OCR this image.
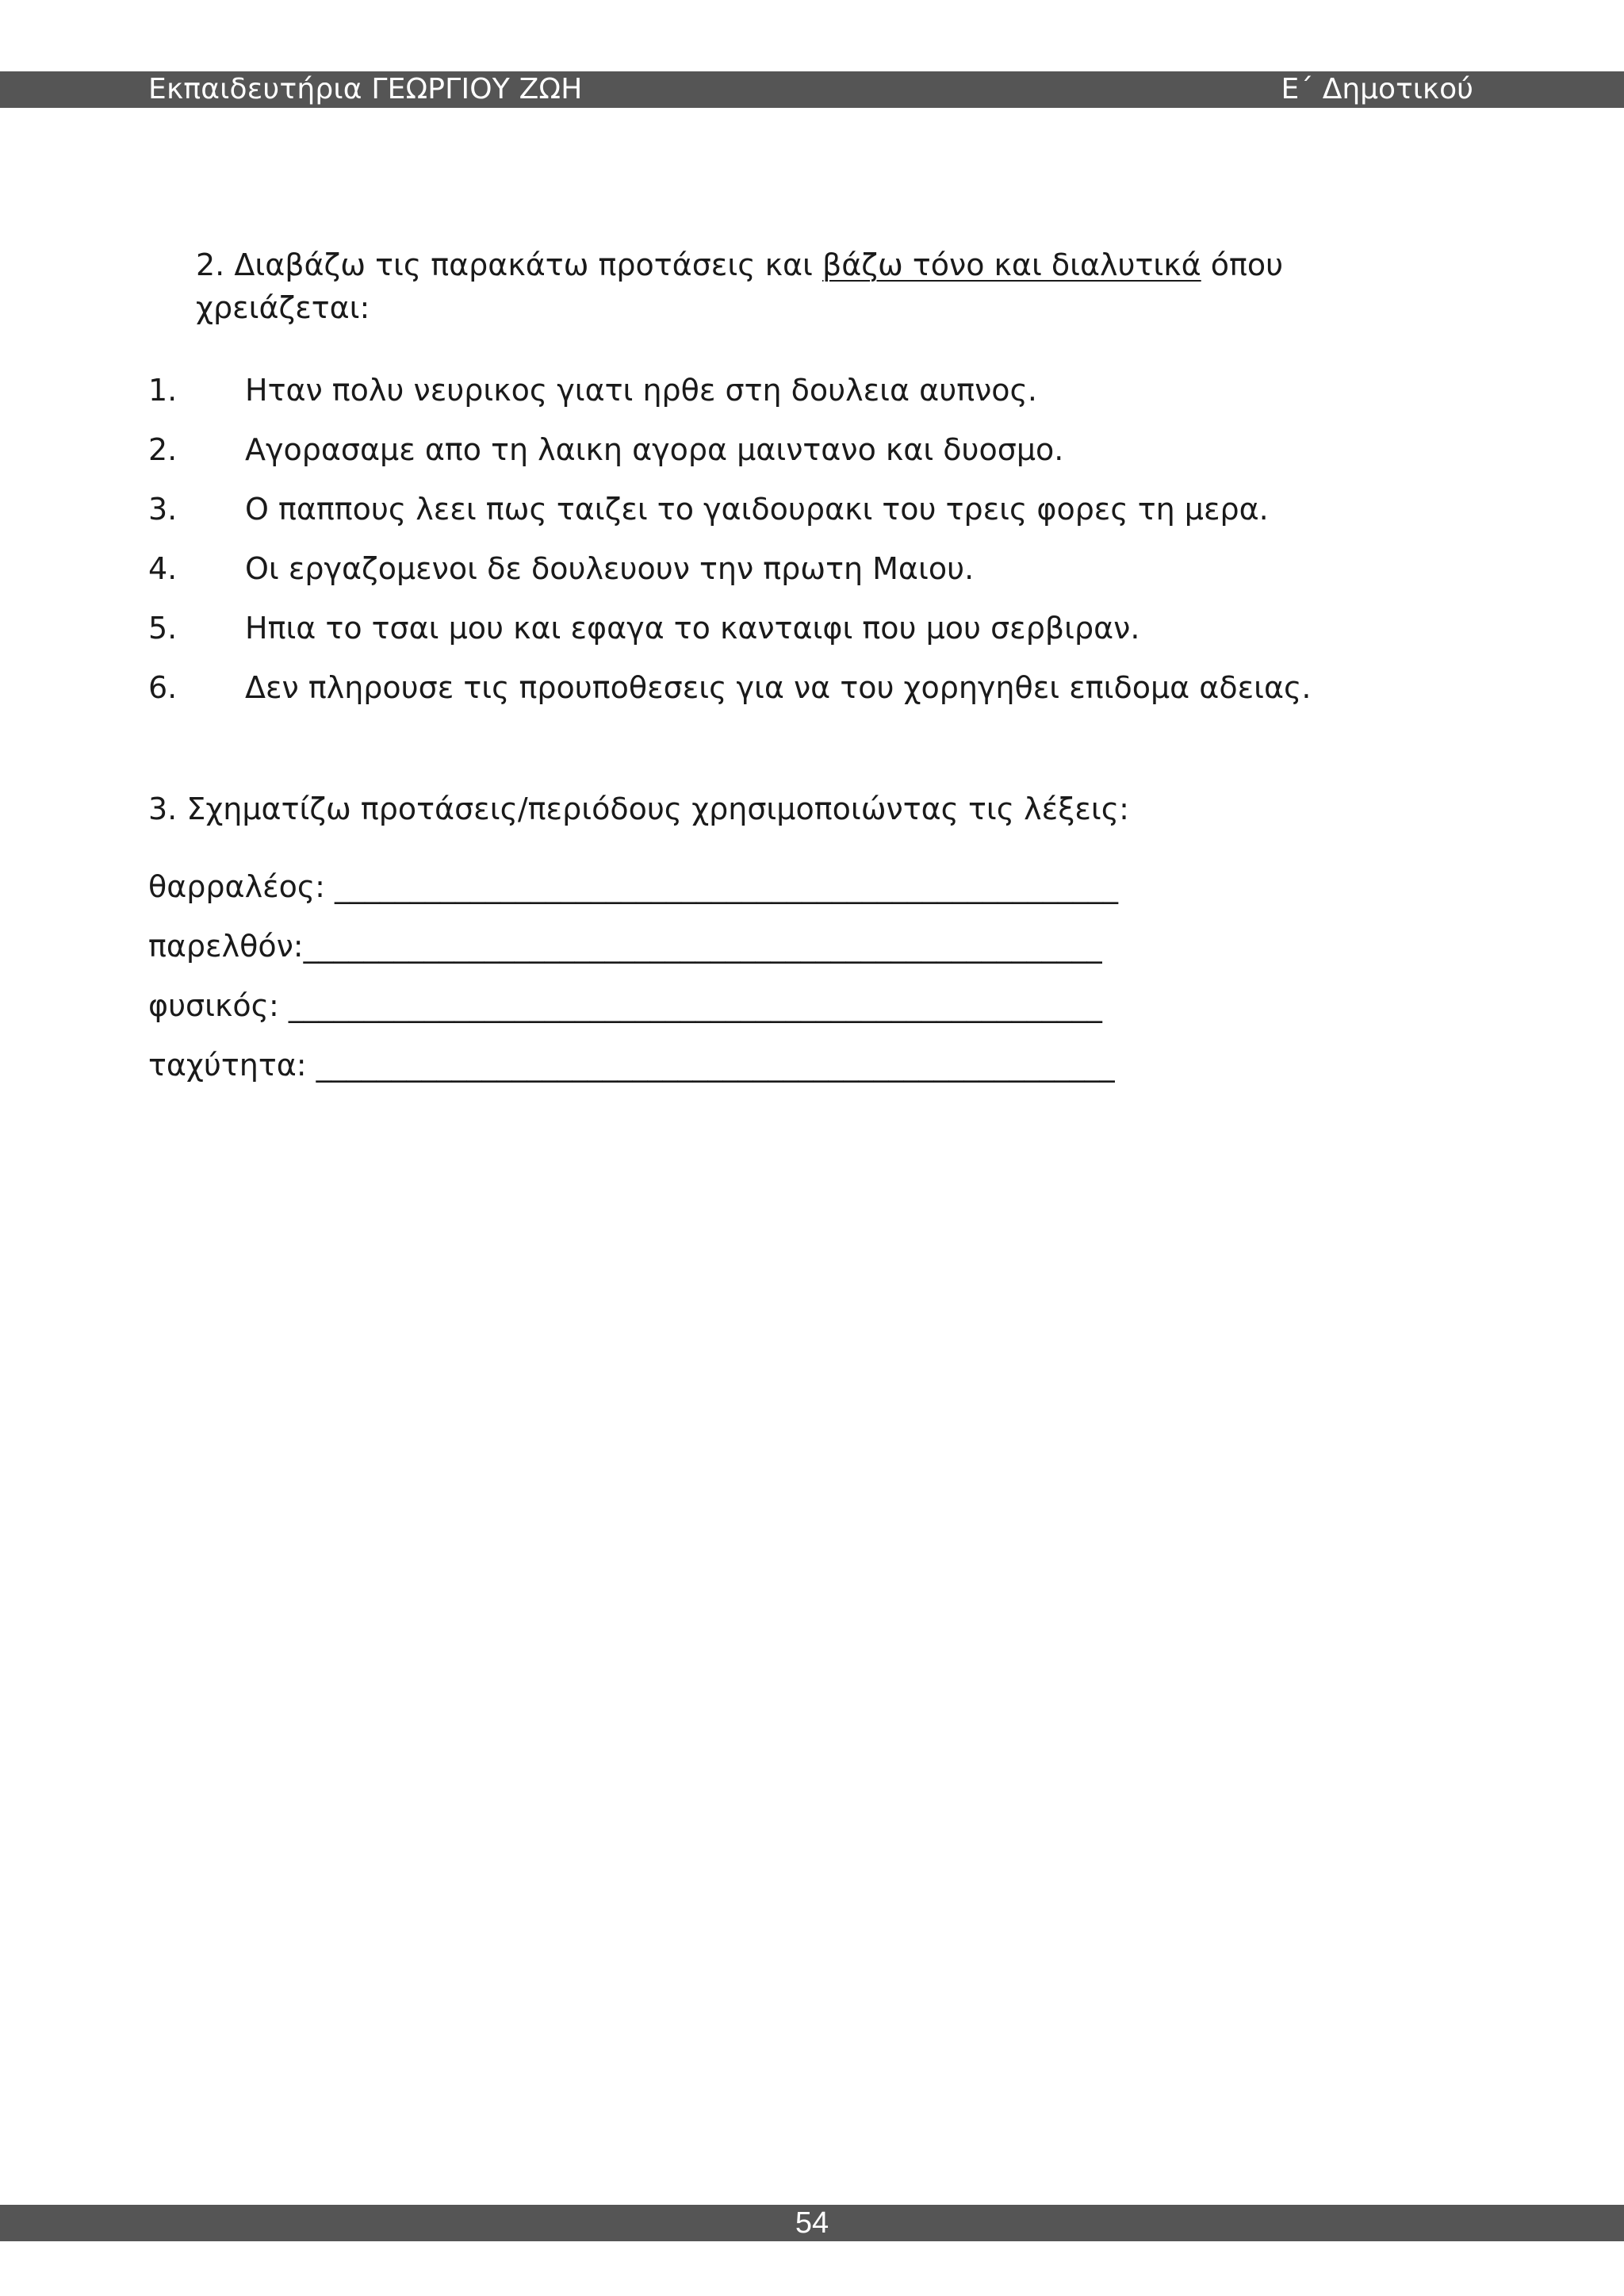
Εκπαιδευτήρια ΓΕΩΡΓΙΟΥ ΖΩΗ	Ε΄ Δημοτικού
2. Διαβάζω τις παρακάτω προτάσεις και βάζω τόνο και διαλυτικά όπου
χρειάζεται:
1. Ηταν πολυ νευρικος γιατι ηρθε στη δουλεια αυπνος.
2. Αγορασαμε απο τη λαικη αγορα μαιντανο και δυοσμο.
3. Ο παππους λεει πως ταιζει το γαιδουρακι του τρεις φορες τη μερα.
4. Οι εργαζομενοι δε δουλευουν την πρωτη Μαιου.
5. Ηπια το τσαι μου και εφαγα το κανταιφι που μου σερβιραν.
6. Δεν πληρουσε τις προυποθεσεις για να του χορηγηθει επιδομα αδειας.
3. Σχηματίζω προτάσεις/περιόδους χρησιμοποιώντας τις λέξεις:
θαρραλέος: ____________________________________________________
παρελθόν:_____________________________________________________
φυσικός: ______________________________________________________
ταχύτητα: _____________________________________________________
54
